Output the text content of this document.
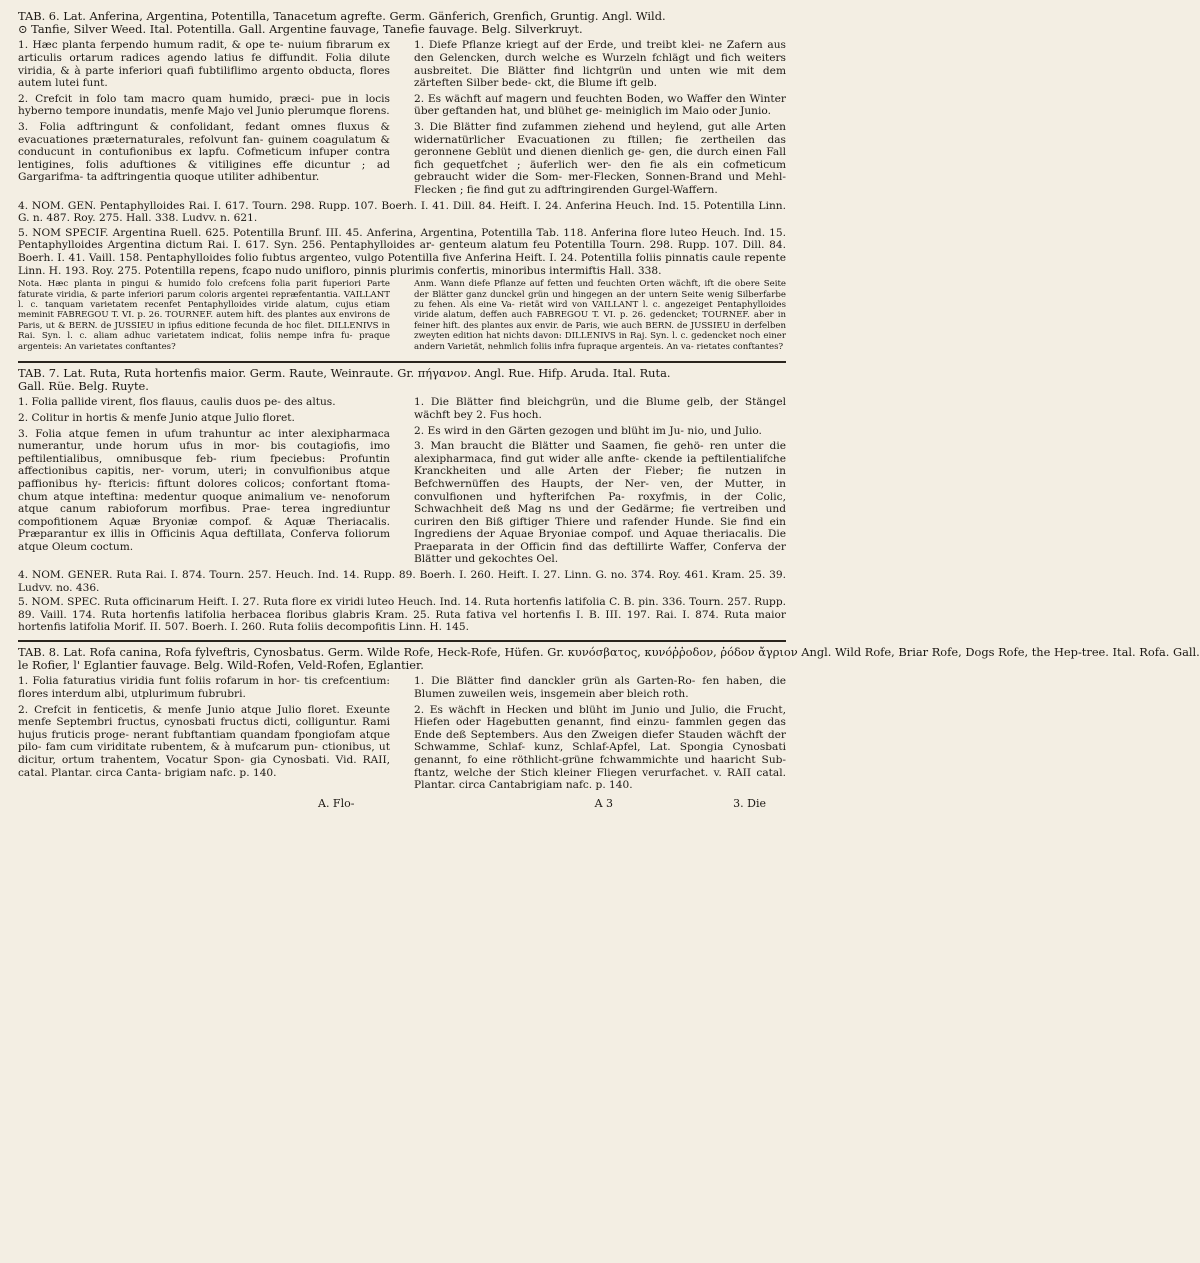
TAB. 6. Lat. Anferina, Argentina, Potentilla, Tanacetum agrefte. Germ. Gänferich, Grenfich, Gruntig. Angl. Wild.
⊙ Tanfie, Silver Weed. Ital. Potentilla. Gall. Argentine fauvage, Tanefie fauvage. Belg. Silverkruyt.

1. Hæc planta ferpendo humum radit, & ope te- nuium fibrarum ex articulis ortarum radices agendo latius fe diffundit. Folia dilute viridia, & à parte inferiori quafi fubtiliflimo argento obducta, flores autem lutei funt.

2. Crefcit in folo tam macro quam humido, præci- pue in locis hyberno tempore inundatis, menfe Majo vel Junio plerumque florens.

3. Folia adftringunt & confolidant, fedant omnes fluxus & evacuationes præternaturales, refolvunt fan- guinem coagulatum & conducunt in contufionibus ex lapfu. Cofmeticum infuper contra lentigines, folis aduftiones & vitiligines effe dicuntur ; ad Gargarifma- ta adftringentia quoque utiliter adhibentur.

1. Diefe Pflanze kriegt auf der Erde, und treibt klei- ne Zafern aus den Gelencken, durch welche es Wurzeln fchlägt und fich weiters ausbreitet. Die Blätter find lichtgrün und unten wie mit dem zärteften Silber bede- ckt, die Blume ift gelb.

2. Es wächft auf magern und feuchten Boden, wo Waffer den Winter über geftanden hat, und blühet ge- meiniglich im Maio oder Junio.

3. Die Blätter find zufammen ziehend und heylend, gut alle Arten widernatürlicher Evacuationen zu ftillen; fie zertheilen das geronnene Geblüt und dienen dienlich ge- gen, die durch einen Fall fich gequetfchet ; äuferlich wer- den fie als ein cofmeticum gebraucht wider die Som- mer-Flecken, Sonnen-Brand und Mehl-Flecken ; fie find gut zu adftringirenden Gurgel-Waffern.

4. NOM. GEN. Pentaphylloides Rai. I. 617. Tourn. 298. Rupp. 107. Boerh. I. 41. Dill. 84. Heift. I. 24. Anferina Heuch. Ind. 15. Potentilla Linn. G. n. 487. Roy. 275. Hall. 338. Ludvv. n. 621.

5. NOM SPECIF. Argentina Ruell. 625. Potentilla Brunf. III. 45. Anferina, Argentina, Potentilla Tab. 118. Anferina flore luteo Heuch. Ind. 15. Pentaphylloides Argentina dictum Rai. I. 617. Syn. 256. Pentaphylloides ar- genteum alatum feu Potentilla Tourn. 298. Rupp. 107. Dill. 84. Boerh. I. 41. Vaill. 158. Pentaphylloides folio fubtus argenteo, vulgo Potentilla five Anferina Heift. I. 24. Potentilla foliis pinnatis caule repente Linn. H. 193. Roy. 275. Potentilla repens, fcapo nudo unifloro, pinnis plurimis confertis, minoribus intermiftis Hall. 338.

Nota. Hæc planta in pingui & humido folo crefcens folia parit fuperiori Parte faturate viridia, & parte inferiori parum coloris argentei repræfentantia. VAILLANT l. c. tanquam varietatem recenfet Pentaphylloides viride alatum, cujus etiam meminit FABREGOU T. VI. p. 26. TOURNEF. autem hift. des plantes aux environs de Paris, ut & BERN. de JUSSIEU in ipfius editione fecunda de hoc filet. DILLENIVS in Rai. Syn. l. c. aliam adhuc varietatem indicat, foliis nempe infra fu- praque argenteis: An varietates conftantes?

Anm. Wann diefe Pflanze auf fetten und feuchten Orten wächft, ift die obere Seite der Blätter ganz dunckel grün und hingegen an der untern Seite wenig Silberfarbe zu fehen. Als eine Va- rietät wird von VAILLANT l. c. angezeiget Pentaphylloides viride alatum, deffen auch FABREGOU T. VI. p. 26. gedencket; TOURNEF. aber in feiner hift. des plantes aux envir. de Paris, wie auch BERN. de JUSSIEU in derfelben zweyten edition hat nichts davon: DILLENIVS in Raj. Syn. l. c. gedencket noch einer andern Varietät, nehmlich foliis infra fupraque argenteis. An va- rietates conftantes?

TAB. 7. Lat. Ruta, Ruta hortenfis maior. Germ. Raute, Weinraute. Gr. πήγανον. Angl. Rue. Hifp. Aruda. Ital. Ruta.
Gall. Rüe. Belg. Ruyte.

1. Folia pallide virent, flos flauus, caulis duos pe- des altus.

2. Colitur in hortis & menfe Junio atque Julio floret.

3. Folia atque femen in ufum trahuntur ac inter alexipharmaca numerantur, unde horum ufus in mor- bis coutagiofis, imo peftilentialibus, omnibusque feb- rium fpeciebus: Profuntin affectionibus capitis, ner- vorum, uteri; in convulfionibus atque paffionibus hy- ftericis: fiftunt dolores colicos; confortant ftoma- chum atque inteftina: medentur quoque animalium ve- nenoforum atque canum rabioforum morfibus. Prae- terea ingrediuntur compofitionem Aquæ Bryoniæ compof. & Aquæ Theriacalis. Præparantur ex illis in Officinis Aqua deftillata, Conferva foliorum atque Oleum coctum.

1. Die Blätter find bleichgrün, und die Blume gelb, der Stängel wächft bey 2. Fus hoch.

2. Es wird in den Gärten gezogen und blüht im Ju- nio, und Julio.

3. Man braucht die Blätter und Saamen, fie gehö- ren unter die alexipharmaca, find gut wider alle anfte- ckende ia peftilentialifche Kranckheiten und alle Arten der Fieber; fie nutzen in Befchwernüffen des Haupts, der Ner- ven, der Mutter, in convulfionen und hyfterifchen Pa- roxyfmis, in der Colic, Schwachheit deß Mag ns und der Gedärme; fie vertreiben und curiren den Biß giftiger Thiere und rafender Hunde. Sie find ein Ingrediens der Aquae Bryoniae compof. und Aquae theriacalis. Die Praeparata in der Officin find das deftillirte Waffer, Conferva der Blätter und gekochtes Oel.

4. NOM. GENER. Ruta Rai. I. 874. Tourn. 257. Heuch. Ind. 14. Rupp. 89. Boerh. I. 260. Heift. I. 27. Linn. G. no. 374. Roy. 461. Kram. 25. 39. Ludvv. no. 436.

5. NOM. SPEC. Ruta officinarum Heift. I. 27. Ruta flore ex viridi luteo Heuch. Ind. 14. Ruta hortenfis latifolia C. B. pin. 336. Tourn. 257. Rupp. 89. Vaill. 174. Ruta hortenfis latifolia herbacea floribus glabris Kram. 25. Ruta fativa vel hortenfis I. B. III. 197. Rai. I. 874. Ruta maior hortenfis latifolia Morif. II. 507. Boerh. I. 260. Ruta foliis decompofitis Linn. H. 145.

TAB. 8. Lat. Rofa canina, Rofa fylveftris, Cynosbatus. Germ. Wilde Rofe, Heck-Rofe, Hüfen. Gr. κυνόσβατος, κυνόῤῥοδον, ῥόδον ἄγριον Angl. Wild Rofe, Briar Rofe, Dogs Rofe, the Hep-tree. Ital. Rofa. Gall.
le Rofier, l' Eglantier fauvage. Belg. Wild-Rofen, Veld-Rofen, Eglantier.

1. Folia faturatius viridia funt foliis rofarum in hor- tis crefcentium: flores interdum albi, utplurimum fubrubri.

2. Crefcit in fenticetis, & menfe Junio atque Julio floret. Exeunte menfe Septembri fructus, cynosbati fructus dicti, colliguntur. Rami hujus fruticis proge- nerant fubftantiam quandam fpongiofam atque pilo- fam cum viriditate rubentem, & à mufcarum pun- ctionibus, ut dicitur, ortum trahentem, Vocatur Spon- gia Cynosbati. Vid. RAII, catal. Plantar. circa Canta- brigiam nafc. p. 140.

1. Die Blätter find danckler grün als Garten-Ro- fen haben, die Blumen zuweilen weis, insgemein aber bleich roth.

2. Es wächft in Hecken und blüht im Junio und Julio, die Frucht, Hiefen oder Hagebutten genannt, find einzu- fammlen gegen das Ende deß Septembers. Aus den Zweigen diefer Stauden wächft der Schwamme, Schlaf- kunz, Schlaf-Apfel, Lat. Spongia Cynosbati genannt, fo eine röthlicht-grüne fchwammichte und haaricht Sub- ftantz, welche der Stich kleiner Fliegen verurfachet. v. RAII catal. Plantar. circa Cantabrigiam nafc. p. 140.

A. Flo-	A 3	3. Die
